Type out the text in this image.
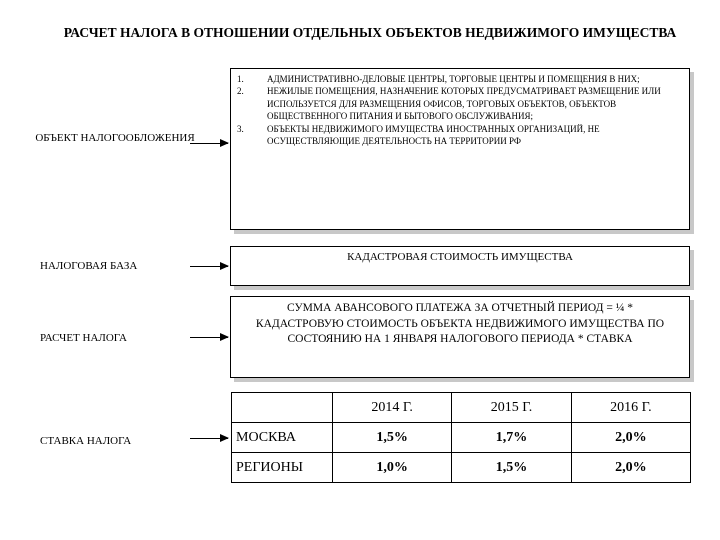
РАСЧЕТ НАЛОГА В ОТНОШЕНИИ ОТДЕЛЬНЫХ ОБЪЕКТОВ НЕДВИЖИМОГО ИМУЩЕСТВА
ОБЪЕКТ НАЛОГООБЛОЖЕНИЯ
1.	АДМИНИСТРАТИВНО-ДЕЛОВЫЕ ЦЕНТРЫ, ТОРГОВЫЕ ЦЕНТРЫ И ПОМЕЩЕНИЯ В НИХ;
2.	НЕЖИЛЫЕ ПОМЕЩЕНИЯ, НАЗНАЧЕНИЕ КОТОРЫХ ПРЕДУСМАТРИВАЕТ РАЗМЕЩЕНИЕ ИЛИ ИСПОЛЬЗУЕТСЯ ДЛЯ РАЗМЕЩЕНИЯ ОФИСОВ, ТОРГОВЫХ ОБЪЕКТОВ, ОБЪЕКТОВ ОБЩЕСТВЕННОГО ПИТАНИЯ И БЫТОВОГО ОБСЛУЖИВАНИЯ;
3.	ОБЪЕКТЫ НЕДВИЖИМОГО ИМУЩЕСТВА ИНОСТРАННЫХ ОРГАНИЗАЦИЙ, НЕ ОСУЩЕСТВЛЯЮЩИЕ ДЕЯТЕЛЬНОСТЬ НА ТЕРРИТОРИИ РФ
НАЛОГОВАЯ БАЗА
КАДАСТРОВАЯ СТОИМОСТЬ ИМУЩЕСТВА
РАСЧЕТ НАЛОГА
СУММА АВАНСОВОГО ПЛАТЕЖА ЗА ОТЧЕТНЫЙ ПЕРИОД = ¼ * КАДАСТРОВУЮ СТОИМОСТЬ ОБЪЕКТА НЕДВИЖИМОГО ИМУЩЕСТВА ПО СОСТОЯНИЮ НА 1 ЯНВАРЯ НАЛОГОВОГО ПЕРИОДА * СТАВКА
СТАВКА НАЛОГА
	2014 Г.	2015 Г.	2016 Г.
МОСКВА	1,5%	1,7%	2,0%
РЕГИОНЫ	1,0%	1,5%	2,0%
